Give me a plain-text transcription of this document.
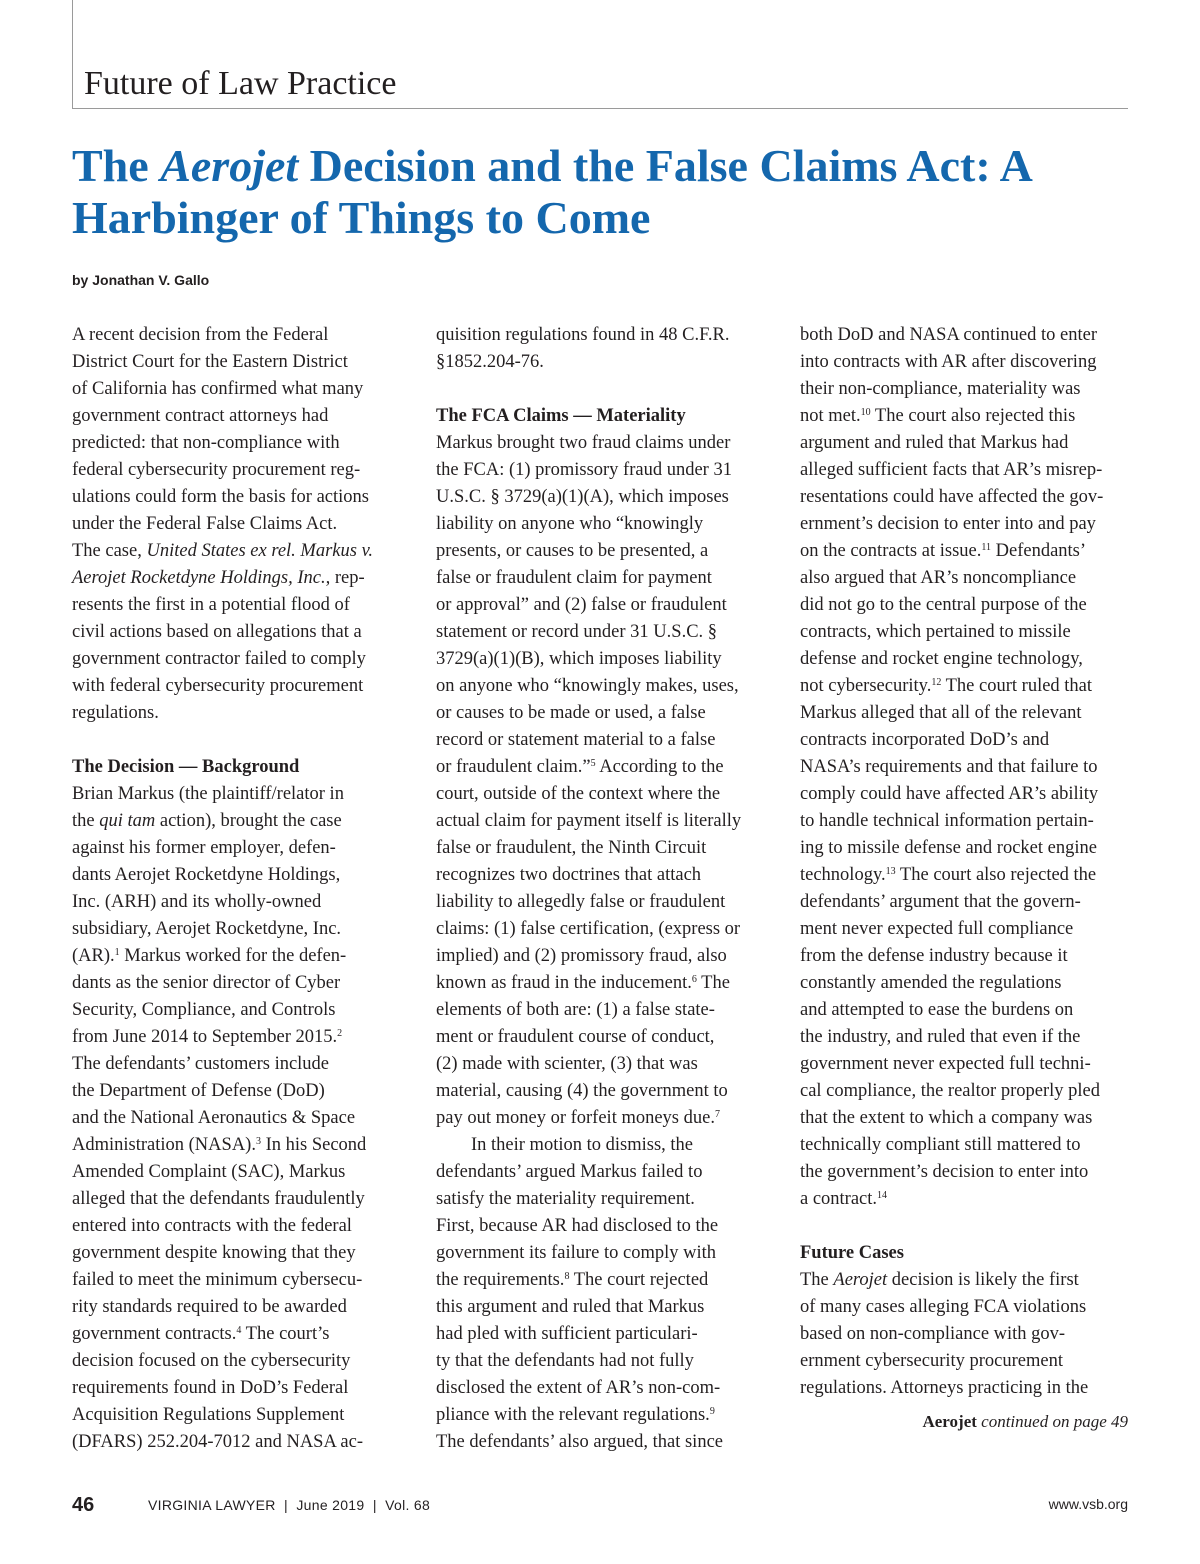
Future of Law Practice
The Aerojet Decision and the False Claims Act: A Harbinger of Things to Come
by Jonathan V. Gallo

A recent decision from the Federal

District Court for the Eastern District

of California has confirmed what many

government contract attorneys had

predicted: that non-compliance with

federal cybersecurity procurement reg-

ulations could form the basis for actions

under the Federal False Claims Act.

The case, United States ex rel. Markus v.

Aerojet Rocketdyne Holdings, Inc., rep-

resents the first in a potential flood of

civil actions based on allegations that a

government contractor failed to comply

with federal cybersecurity procurement

regulations.

The Decision — Background

Brian Markus (the plaintiff/relator in

the qui tam action), brought the case

against his former employer, defen-

dants Aerojet Rocketdyne Holdings,

Inc. (ARH) and its wholly-owned

subsidiary, Aerojet Rocketdyne, Inc.

(AR).$^1$ Markus worked for the defen-

dants as the senior director of Cyber

Security, Compliance, and Controls

from June 2014 to September 2015.$^2$

The defendants’ customers include

the Department of Defense (DoD)

and the National Aeronautics & Space

Administration (NASA).$^3$ In his Second

Amended Complaint (SAC), Markus

alleged that the defendants fraudulently

entered into contracts with the federal

government despite knowing that they

failed to meet the minimum cybersecu-

rity standards required to be awarded

government contracts.$^4$ The court’s

decision focused on the cybersecurity

requirements found in DoD’s Federal

Acquisition Regulations Supplement

(DFARS) 252.204-7012 and NASA ac-

quisition regulations found in 48 C.F.R.

§1852.204-76.

The FCA Claims — Materiality

Markus brought two fraud claims under

the FCA: (1) promissory fraud under 31

U.S.C. § 3729(a)(1)(A), which imposes

liability on anyone who “knowingly

presents, or causes to be presented, a

false or fraudulent claim for payment

or approval” and (2) false or fraudulent

statement or record under 31 U.S.C. §

3729(a)(1)(B), which imposes liability

on anyone who “knowingly makes, uses,

or causes to be made or used, a false

record or statement material to a false

or fraudulent claim.”$^5$ According to the

court, outside of the context where the

actual claim for payment itself is literally

false or fraudulent, the Ninth Circuit

recognizes two doctrines that attach

liability to allegedly false or fraudulent

claims: (1) false certification, (express or

implied) and (2) promissory fraud, also

known as fraud in the inducement.$^6$ The

elements of both are: (1) a false state-

ment or fraudulent course of conduct,

(2) made with scienter, (3) that was

material, causing (4) the government to

pay out money or forfeit moneys due.$^7$

In their motion to dismiss, the

defendants’ argued Markus failed to

satisfy the materiality requirement.

First, because AR had disclosed to the

government its failure to comply with

the requirements.$^8$ The court rejected

this argument and ruled that Markus

had pled with sufficient particulari-

ty that the defendants had not fully

disclosed the extent of AR’s non-com-

pliance with the relevant regulations.$^9$

The defendants’ also argued, that since

both DoD and NASA continued to enter

into contracts with AR after discovering

their non-compliance, materiality was

not met.$^{10}$ The court also rejected this

argument and ruled that Markus had

alleged sufficient facts that AR’s misrep-

resentations could have affected the gov-

ernment’s decision to enter into and pay

on the contracts at issue.$^{11}$ Defendants’

also argued that AR’s noncompliance

did not go to the central purpose of the

contracts, which pertained to missile

defense and rocket engine technology,

not cybersecurity.$^{12}$ The court ruled that

Markus alleged that all of the relevant

contracts incorporated DoD’s and

NASA’s requirements and that failure to

comply could have affected AR’s ability

to handle technical information pertain-

ing to missile defense and rocket engine

technology.$^{13}$ The court also rejected the

defendants’ argument that the govern-

ment never expected full compliance

from the defense industry because it

constantly amended the regulations

and attempted to ease the burdens on

the industry, and ruled that even if the

government never expected full techni-

cal compliance, the realtor properly pled

that the extent to which a company was

technically compliant still mattered to

the government’s decision to enter into

a contract.$^{14}$

Future Cases

The Aerojet decision is likely the first

of many cases alleging FCA violations

based on non-compliance with gov-

ernment cybersecurity procurement

regulations. Attorneys practicing in the

Aerojet continued on page 49
46	VIRGINIA LAWYER  |  June 2019  |  Vol. 68	www.vsb.org
